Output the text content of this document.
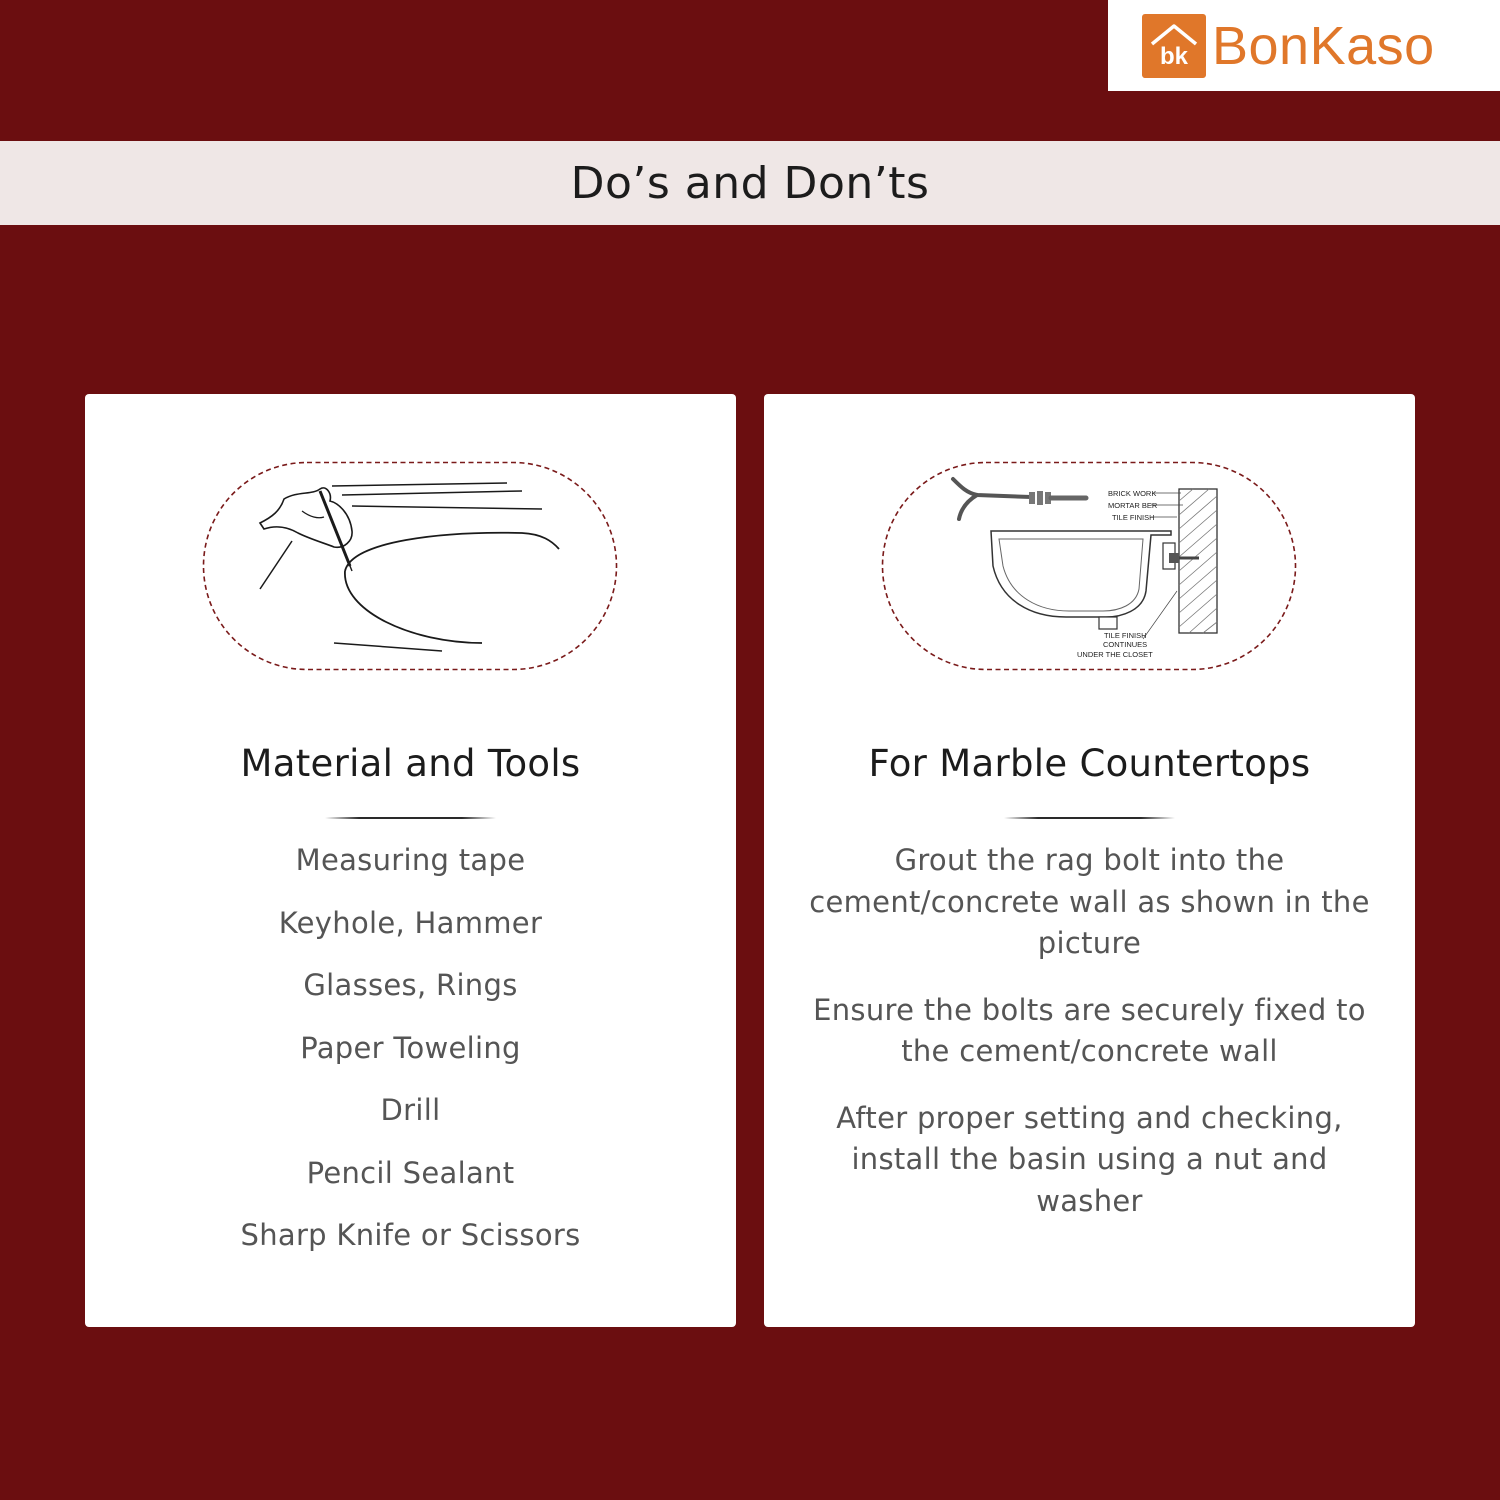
bk BonKaso
Do’s and Don’ts
Material and Tools
Measuring tape
Keyhole, Hammer
Glasses, Rings
Paper Toweling
Drill
Pencil Sealant
Sharp Knife or Scissors
BRICK WORK
MORTAR BER
TILE FINISH
TILE FINISH
CONTINUES
UNDER THE CLOSET
For Marble Countertops
Grout the rag bolt into the cement/concrete wall as shown in the picture
Ensure the bolts are securely fixed to the cement/concrete wall
After proper setting and checking, install the basin using a nut and washer
